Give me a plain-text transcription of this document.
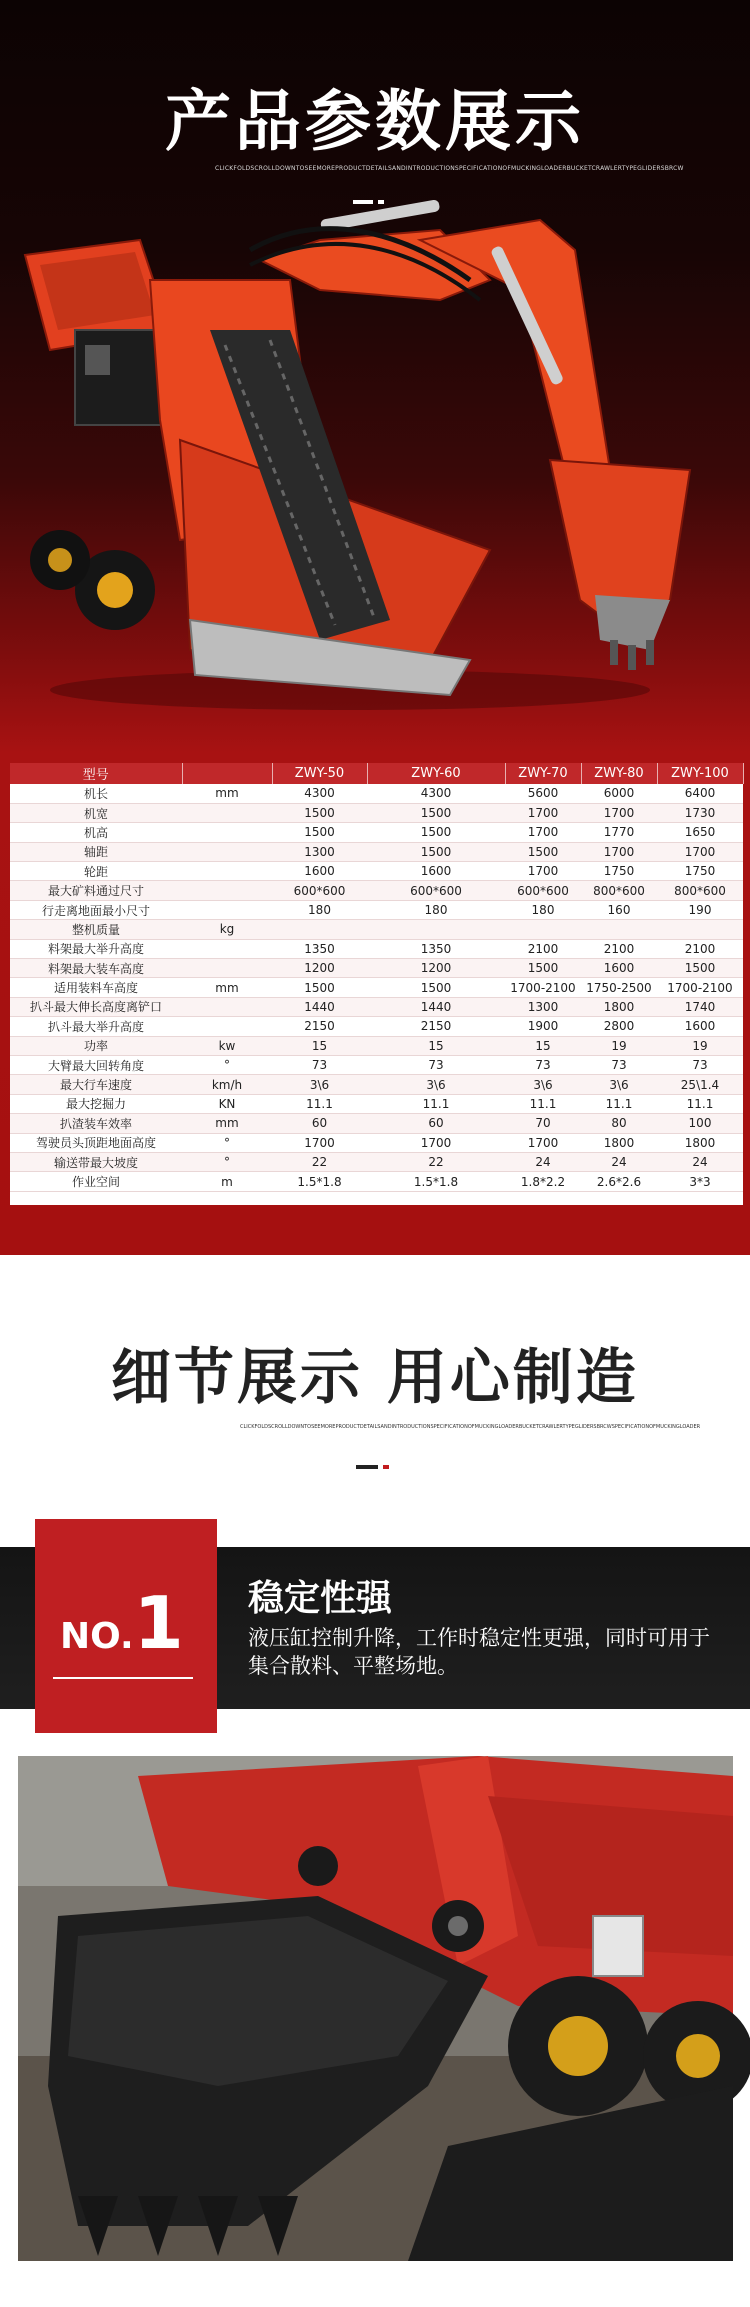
产品参数展示
CLICKFOLDSCROLLDOWNTOSEEMOREPRODUCTDETAILSANDINTRODUCTIONSPECIFICATIONOFMUCKINGLOADERBUCKETCRAWLERTYPEGLIDERSBRCW
型号		ZWY-50	ZWY-60	ZWY-70	ZWY-80	ZWY-100
机长	mm	4300	4300	5600	6000	6400
机宽		1500	1500	1700	1700	1730
机高		1500	1500	1700	1770	1650
轴距		1300	1500	1500	1700	1700
轮距		1600	1600	1700	1750	1750
最大矿料通过尺寸		600*600	600*600	600*600	800*600	800*600
行走离地面最小尺寸		180	180	180	160	190
整机质量	kg					
料架最大举升高度		1350	1350	2100	2100	2100
料架最大装车高度		1200	1200	1500	1600	1500
适用装料车高度	mm	1500	1500	1700-2100	1750-2500	1700-2100
扒斗最大伸长高度离铲口		1440	1440	1300	1800	1740
扒斗最大举升高度		2150	2150	1900	2800	1600
功率	kw	15	15	15	19	19
大臂最大回转角度	°	73	73	73	73	73
最大行车速度	km/h	3\6	3\6	3\6	3\6	25\1.4
最大挖掘力	KN	11.1	11.1	11.1	11.1	11.1
扒渣装车效率	mm	60	60	70	80	100
驾驶员头顶距地面高度	°	1700	1700	1700	1800	1800
输送带最大坡度	°	22	22	24	24	24
作业空间	m	1.5*1.8	1.5*1.8	1.8*2.2	2.6*2.6	3*3
细节展示 用心制造
CLICKFOLDSCROLLDOWNTOSEEMOREPRODUCTDETAILSANDINTRODUCTIONSPECIFICATIONOFMUCKINGLOADERBUCKETCRAWLERTYPEGLIDERSBRCWSPECIFICATIONOFMUCKINGLOADER
NO.1 稳定性强
液压缸控制升降，工作时稳定性更强，同时可用于集合散料、平整场地。
